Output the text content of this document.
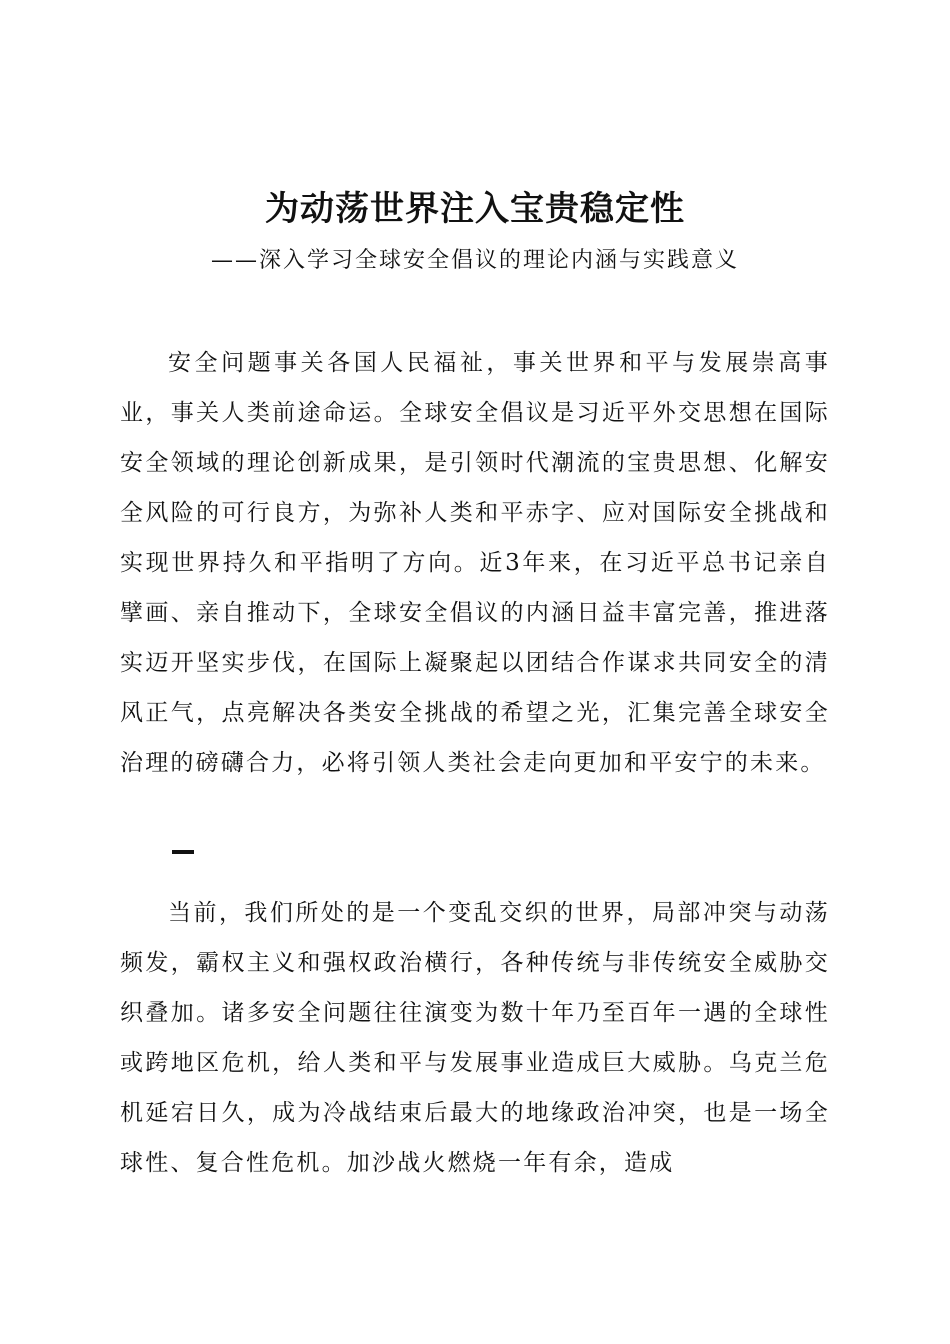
为动荡世界注入宝贵稳定性

——深入学习全球安全倡议的理论内涵与实践意义

安全问题事关各国人民福祉，事关世界和平与发展崇高事业，事关人类前途命运。全球安全倡议是习近平外交思想在国际安全领域的理论创新成果，是引领时代潮流的宝贵思想、化解安全风险的可行良方，为弥补人类和平赤字、应对国际安全挑战和实现世界持久和平指明了方向。近3年来，在习近平总书记亲自擘画、亲自推动下，全球安全倡议的内涵日益丰富完善，推进落实迈开坚实步伐，在国际上凝聚起以团结合作谋求共同安全的清风正气，点亮解决各类安全挑战的希望之光，汇集完善全球安全治理的磅礴合力，必将引领人类社会走向更加和平安宁的未来。

当前，我们所处的是一个变乱交织的世界，局部冲突与动荡频发，霸权主义和强权政治横行，各种传统与非传统安全威胁交织叠加。诸多安全问题往往演变为数十年乃至百年一遇的全球性或跨地区危机，给人类和平与发展事业造成巨大威胁。乌克兰危机延宕日久，成为冷战结束后最大的地缘政治冲突，也是一场全球性、复合性危机。加沙战火燃烧一年有余，造成
